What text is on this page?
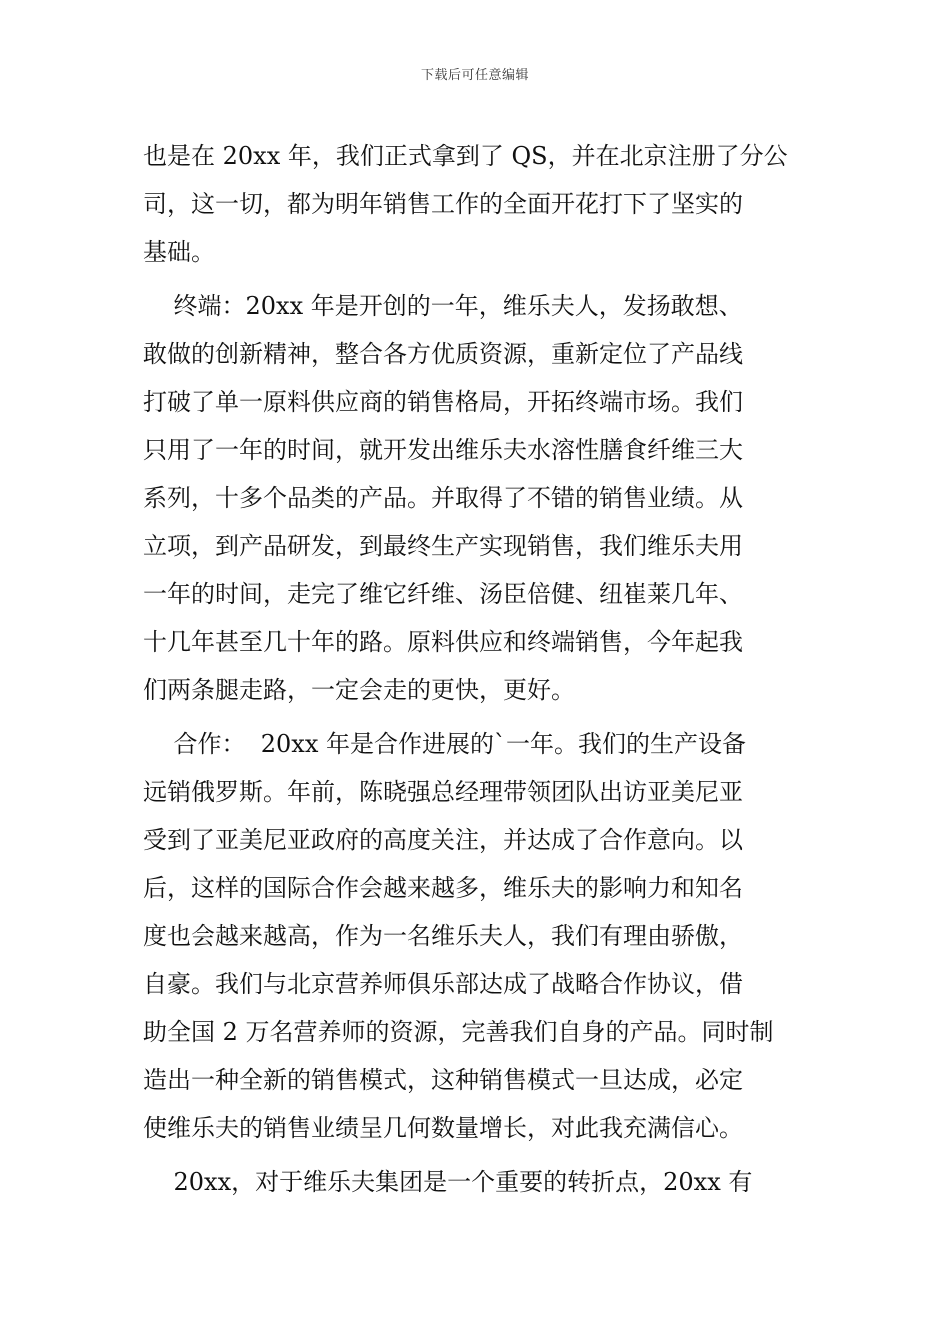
下载后可任意编辑
也是在 20xx 年，我们正式拿到了 QS，并在北京注册了分公
司，这一切，都为明年销售工作的全面开花打下了坚实的
基础。
终端：20xx 年是开创的一年，维乐夫人，发扬敢想、
敢做的创新精神，整合各方优质资源，重新定位了产品线
打破了单一原料供应商的销售格局，开拓终端市场。我们
只用了一年的时间，就开发出维乐夫水溶性膳食纤维三大
系列，十多个品类的产品。并取得了不错的销售业绩。从
立项，到产品研发，到最终生产实现销售，我们维乐夫用
一年的时间，走完了维它纤维、汤臣倍健、纽崔莱几年、
十几年甚至几十年的路。原料供应和终端销售，今年起我
们两条腿走路，一定会走的更快，更好。
合作：  20xx 年是合作进展的`一年。我们的生产设备
远销俄罗斯。年前，陈晓强总经理带领团队出访亚美尼亚
受到了亚美尼亚政府的高度关注，并达成了合作意向。以
后，这样的国际合作会越来越多，维乐夫的影响力和知名
度也会越来越高，作为一名维乐夫人，我们有理由骄傲，
自豪。我们与北京营养师俱乐部达成了战略合作协议，借
助全国 2 万名营养师的资源，完善我们自身的产品。同时制
造出一种全新的销售模式，这种销售模式一旦达成，必定
使维乐夫的销售业绩呈几何数量增长，对此我充满信心。
20xx，对于维乐夫集团是一个重要的转折点，20xx 有
